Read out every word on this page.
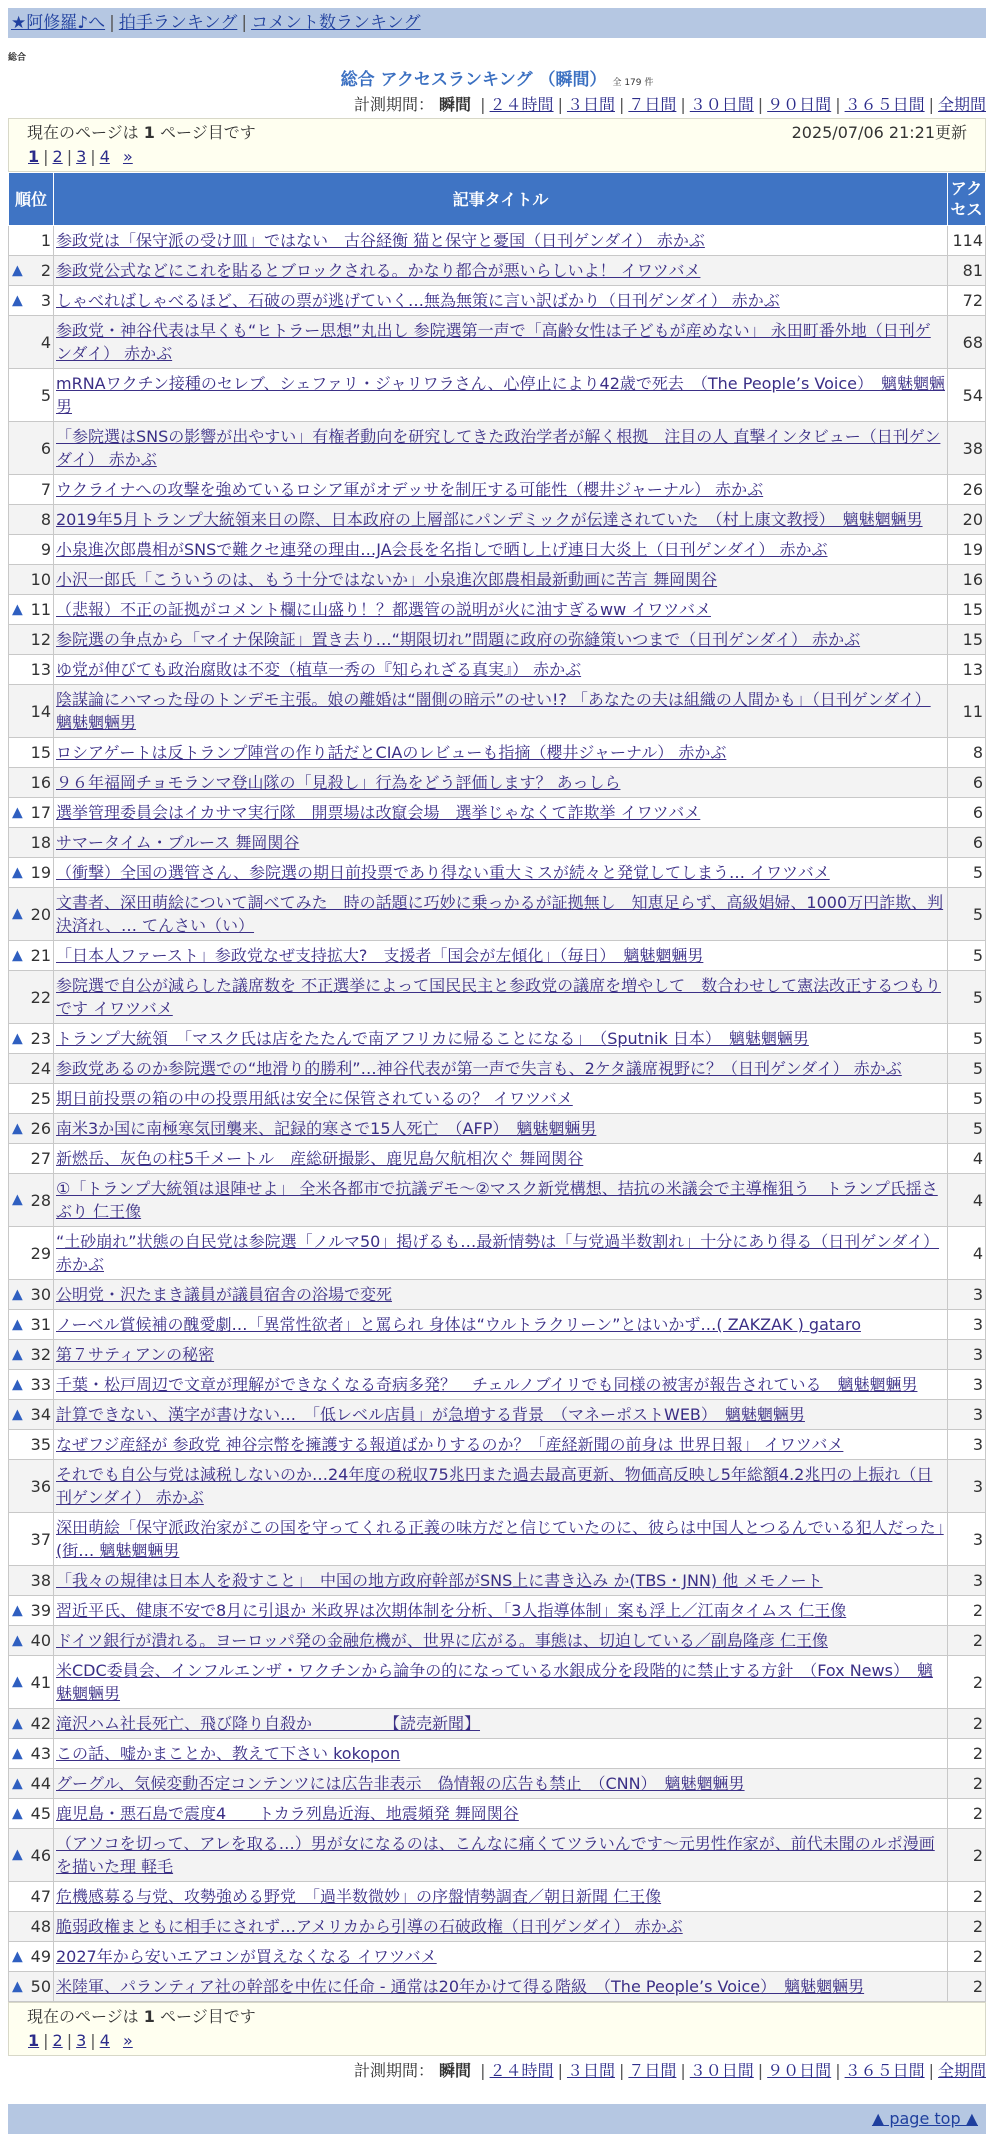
★阿修羅♪へ | 拍手ランキング | コメント数ランキング
総合
総合 アクセスランキング （瞬間） 全 179 件
計測期間： 瞬間 | ２４時間 | ３日間 | ７日間 | ３０日間 | ９０日間 | ３６５日間 | 全期間
現在のページは 1 ページ目です	2025/07/06 21:21更新
1 | 2 | 3 | 4 »
順位	記事タイトル	アクセス
1	参政党は「保守派の受け皿」ではない　古谷経衡 猫と保守と憂国（日刊ゲンダイ） 赤かぶ	114

▲ 2	参政党公式などにこれを貼るとブロックされる。かなり都合が悪いらしいよ！ イワツバメ	81

▲ 3	しゃべればしゃべるほど、石破の票が逃げていく…無為無策に言い訳ばかり（日刊ゲンダイ） 赤かぶ	72
4	参政党・神谷代表は早くも“ヒトラー思想”丸出し 参院選第一声で「高齢女性は子どもが産めない」 永田町番外地（日刊ゲンダイ） 赤かぶ	68
5	mRNAワクチン接種のセレブ、シェファリ・ジャリワラさん、心停止により42歳で死去　（The People’s Voice）　魑魅魍魎男	54
6	「参院選はSNSの影響が出やすい」有権者動向を研究してきた政治学者が解く根拠　注目の人 直撃インタビュー（日刊ゲンダイ） 赤かぶ	38
7	ウクライナへの攻撃を強めているロシア軍がオデッサを制圧する可能性（櫻井ジャーナル） 赤かぶ	26
8	2019年5月トランプ大統領来日の際、日本政府の上層部にパンデミックが伝達されていた　（村上康文教授）　魑魅魍魎男	20
9	小泉進次郎農相がSNSで難クセ連発の理由…JA会長を名指しで晒し上げ連日大炎上（日刊ゲンダイ） 赤かぶ	19
10	小沢一郎氏「こういうのは、もう十分ではないか」小泉進次郎農相最新動画に苦言 舞岡関谷	16

▲ 11	（悲報）不正の証拠がコメント欄に山盛り！？都選管の説明が火に油すぎるww イワツバメ	15
12	参院選の争点から「マイナ保険証」置き去り…“期限切れ”問題に政府の弥縫策いつまで（日刊ゲンダイ） 赤かぶ	15
13	ゆ党が伸びても政治腐敗は不変（植草一秀の『知られざる真実』） 赤かぶ	13
14	陰謀論にハマった母のトンデモ主張。娘の離婚は“闇側の暗示”のせい!? 「あなたの夫は組織の人間かも」（日刊ゲンダイ） 魑魅魍魎男	11
15	ロシアゲートは反トランプ陣営の作り話だとCIAのレビューも指摘（櫻井ジャーナル） 赤かぶ	8
16	９６年福岡チョモランマ登山隊の「見殺し」行為をどう評価します？ あっしら	6

▲ 17	選挙管理委員会はイカサマ実行隊　開票場は改竄会場　選挙じゃなくて詐欺挙 イワツバメ	6
18	サマータイム・ブルース 舞岡関谷	6

▲ 19	（衝撃）全国の選管さん、参院選の期日前投票であり得ない重大ミスが続々と発覚してしまう… イワツバメ	5

▲ 20	文書者、深田萌絵について調べてみた　時の話題に巧妙に乗っかるが証拠無し　知恵足らず、高級娼婦、1000万円詐欺、判決済れ、… てんさい（い）	5

▲ 21	「日本人ファースト」参政党なぜ支持拡大?　支援者「国会が左傾化」（毎日）　魑魅魍魎男	5
22	参院選で自公が減らした議席数を 不正選挙によって国民民主と参政党の議席を増やして　数合わせして憲法改正するつもりです イワツバメ	5

▲ 23	トランプ大統領　「マスク氏は店をたたんで南アフリカに帰ることになる」　（Sputnik 日本）　魑魅魍魎男	5
24	参政党あるのか参院選での“地滑り的勝利”…神谷代表が第一声で失言も、2ケタ議席視野に？（日刊ゲンダイ） 赤かぶ	5
25	期日前投票の箱の中の投票用紙は安全に保管されているの？ イワツバメ	5

▲ 26	南米3か国に南極寒気団襲来、記録的寒さで15人死亡　（AFP）　魑魅魍魎男	5
27	新燃岳、灰色の柱5千メートル　産総研撮影、鹿児島欠航相次ぐ 舞岡関谷	4

▲ 28	①「トランプ大統領は退陣せよ」 全米各都市で抗議デモ～②マスク新党構想、拮抗の米議会で主導権狙う　トランプ氏揺さぶり 仁王像	4
29	“土砂崩れ”状態の自民党は参院選「ノルマ50」掲げるも…最新情勢は「与党過半数割れ」十分にあり得る（日刊ゲンダイ） 赤かぶ	4

▲ 30	公明党・沢たまき議員が議員宿舎の浴場で変死	3

▲ 31	ノーベル賞候補の醜愛劇…「異常性欲者」と罵られ 身体は“ウルトラクリーン”とはいかず…( ZAKZAK ) gataro	3

▲ 32	第７サティアンの秘密	3

▲ 33	千葉・松戸周辺で文章が理解ができなくなる奇病多発？　チェルノブイリでも同様の被害が報告されている　魑魅魍魎男	3

▲ 34	計算できない、漢字が書けない…　「低レベル店員」が急増する背景　（マネーポストWEB）　魑魅魍魎男	3
35	なぜフジ産経が 参政党 神谷宗幣を擁護する報道ばかりするのか？「産経新聞の前身は 世界日報」 イワツバメ	3
36	それでも自公与党は減税しないのか…24年度の税収75兆円また過去最高更新、物価高反映し5年総額4.2兆円の上振れ（日刊ゲンダイ） 赤かぶ	3
37	深田萌絵「保守派政治家がこの国を守ってくれる正義の味方だと信じていたのに、彼らは中国人とつるんでいる犯人だった」(街… 魑魅魍魎男	3
38	「我々の規律は日本人を殺すこと」　中国の地方政府幹部がSNS上に書き込み か(TBS・JNN) 他 メモノート	3

▲ 39	習近平氏、健康不安で8月に引退か 米政界は次期体制を分析、「3人指導体制」案も浮上／江南タイムス 仁王像	2

▲ 40	ドイツ銀行が潰れる。ヨーロッパ発の金融危機が、世界に広がる。事態は、切迫している／副島隆彦 仁王像	2

▲ 41	米CDC委員会、インフルエンザ・ワクチンから論争の的になっている水銀成分を段階的に禁止する方針　（Fox News）　魑魅魍魎男	2

▲ 42	滝沢ハム社長死亡、飛び降り自殺か　　　　　【読売新聞】	2

▲ 43	この話、嘘かまことか、教えて下さい kokopon	2

▲ 44	グーグル、気候変動否定コンテンツには広告非表示　偽情報の広告も禁止　（CNN）　魑魅魍魎男	2

▲ 45	鹿児島・悪石島で震度4　　トカラ列島近海、地震頻発 舞岡関谷	2

▲ 46	（アソコを切って、アレを取る…）男が女になるのは、こんなに痛くてツラいんです～元男性作家が、前代未聞のルポ漫画を描いた理 軽毛	2
47	危機感募る与党、攻勢強める野党　「過半数微妙」の序盤情勢調査／朝日新聞 仁王像	2
48	脆弱政権まともに相手にされず…アメリカから引導の石破政権（日刊ゲンダイ） 赤かぶ	2

▲ 49	2027年から安いエアコンが買えなくなる イワツバメ	2

▲ 50	米陸軍、パランティア社の幹部を中佐に任命 - 通常は20年かけて得る階級　（The People’s Voice）　魑魅魍魎男	2
現在のページは 1 ページ目です
1 | 2 | 3 | 4 »
計測期間： 瞬間 | ２４時間 | ３日間 | ７日間 | ３０日間 | ９０日間 | ３６５日間 | 全期間
▲ page top ▲
